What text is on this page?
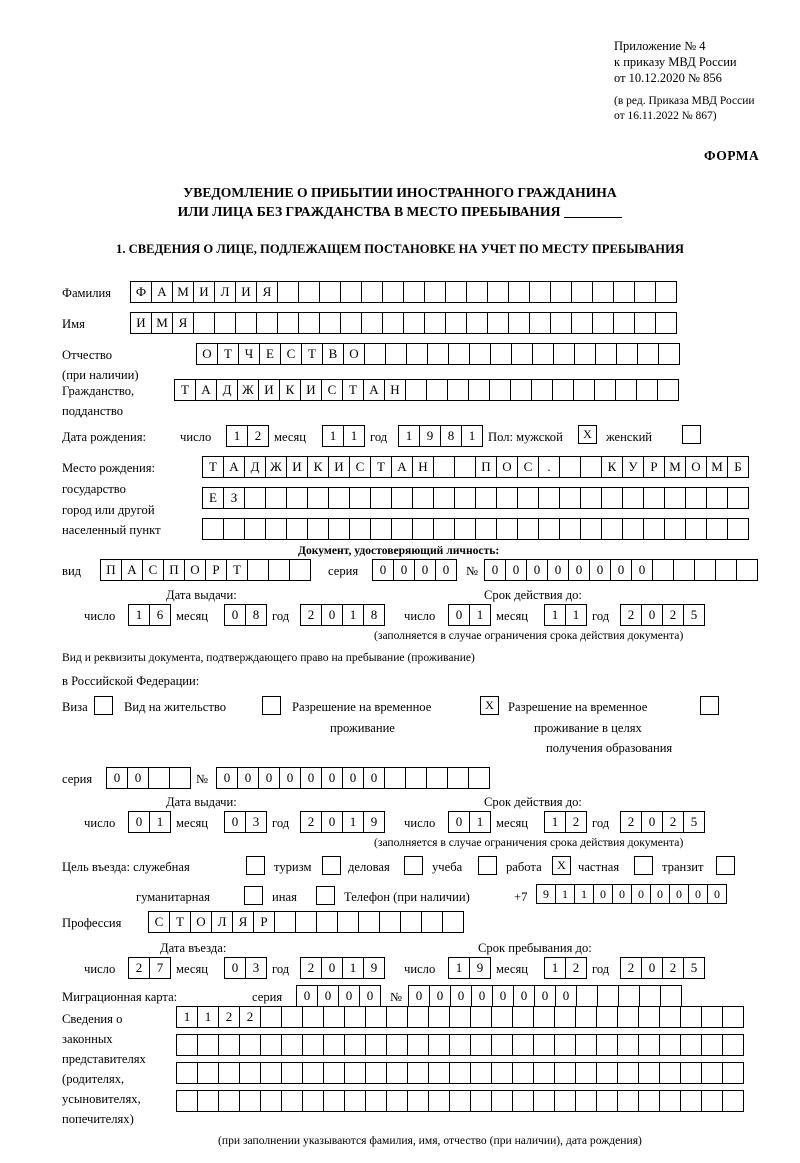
Приложение № 4
к приказу МВД России
от 10.12.2020 № 856
(в ред. Приказа МВД России
от 16.11.2022 № 867)
ФОРМА
УВЕДОМЛЕНИЕ О ПРИБЫТИИ ИНОСТРАННОГО ГРАЖДАНИНА
ИЛИ ЛИЦА БЕЗ ГРАЖДАНСТВА В МЕСТО ПРЕБЫВАНИЯ
1. СВЕДЕНИЯ О ЛИЦЕ, ПОДЛЕЖАЩЕМ ПОСТАНОВКЕ НА УЧЕТ ПО МЕСТУ ПРЕБЫВАНИЯ
Фамилия	Ф А М И Л И Я
Имя	И М Я
Отчество
(при наличии)
О Т Ч Е С Т В О
Гражданство,
подданство
Т А Д Ж И К И С Т А Н
Дата рождения:	число	1	2	месяц	1	1	год	1	9	8	1	Пол: мужской	Х	женский
Место рождения:
государство
город или другой
населенный пункт
Т А Д Ж И К И С Т А Н	П О С	.	К У Р М О М Б
Е	З
Документ, удостоверяющий личность:
вид	П А С П О Р	Т	серия	0	0	0	0	№	0	0	0	0	0	0	0	0
Дата выдачи:	Срок действия до:
число	1	6	месяц	0	8	год	2	0	1	8	число	0	1	месяц	1	1	год	2	0	2	5
(заполняется в случае ограничения срока действия документа)
Вид и реквизиты документа, подтверждающего право на пребывание (проживание)
в Российской Федерации:
Виза	Вид на жительство	Разрешение на временное
проживание
Х	Разрешение на временное
проживание в целях
получения образования
серия	0	0	№	0	0	0	0	0	0	0	0
Дата выдачи:	Срок действия до:
число	0	1	месяц	0	3	год	2	0	1	9	число	0	1	месяц	1	2	год	2	0	2	5
(заполняется в случае ограничения срока действия документа)
Цель въезда: служебная	туризм	деловая	учеба	работа	Х частная	транзит
гуманитарная	иная	Телефон (при наличии)	+7	9	1	1	0	0	0	0	0	0	0
Профессия	С Т О Л Я	Р
Дата въезда:	Срок пребывания до:
число	2	7	месяц	0	3	год	2	0	1	9	число	1	9	месяц	1	2	год	2	0	2	5
Миграционная карта:	серия	0	0	0	0	№	0	0	0	0	0	0	0	0
Сведения о
законных
представителях
(родителях,
усыновителях,
попечителях)
1	1	2	2
(при заполнении указываются фамилия, имя, отчество (при наличии), дата рождения)
